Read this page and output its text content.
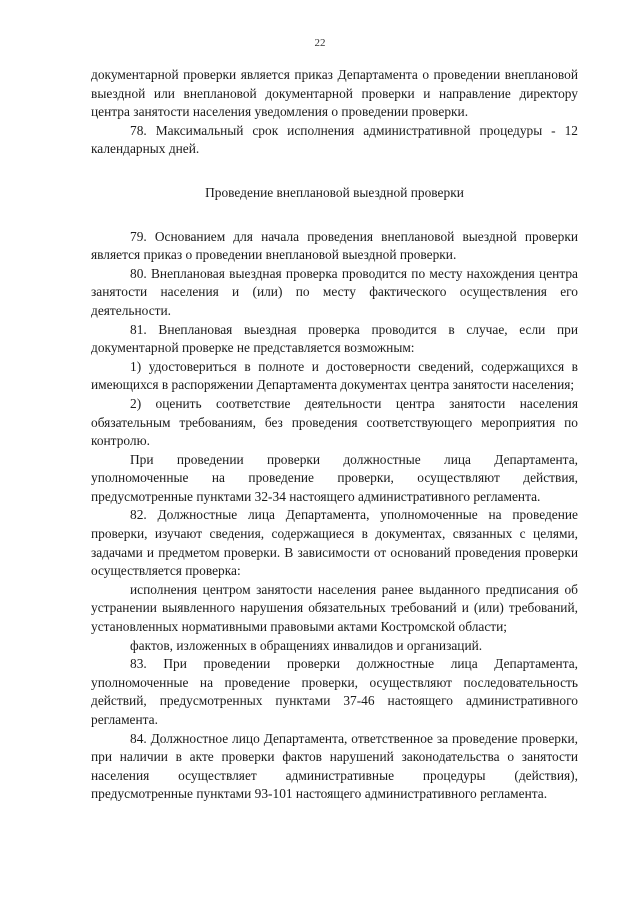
22

документарной проверки является приказ Департамента о проведении внеплановой выездной или внеплановой документарной проверки и направление директору центра занятости населения уведомления о проведении проверки.

78. Максимальный срок исполнения административной процедуры - 12 календарных дней.

Проведение внеплановой выездной проверки

79. Основанием для начала проведения внеплановой выездной проверки является приказ о проведении внеплановой выездной проверки.

80. Внеплановая выездная проверка проводится по месту нахождения центра занятости населения и (или) по месту фактического осуществления его деятельности.

81. Внеплановая выездная проверка проводится в случае, если при документарной проверке не представляется возможным:

1) удостовериться в полноте и достоверности сведений, содержащихся в имеющихся в распоряжении Департамента документах центра занятости населения;

2) оценить соответствие деятельности центра занятости населения обязательным требованиям, без проведения соответствующего мероприятия по контролю.

При проведении проверки должностные лица Департамента, уполномоченные на проведение проверки, осуществляют действия, предусмотренные пунктами 32-34 настоящего административного регламента.

82. Должностные лица Департамента, уполномоченные на проведение проверки, изучают сведения, содержащиеся в документах, связанных с целями, задачами и предметом проверки. В зависимости от оснований проведения проверки осуществляется проверка:

исполнения центром занятости населения ранее выданного предписания об устранении выявленного нарушения обязательных требований и (или) требований, установленных нормативными правовыми актами Костромской области;

фактов, изложенных в обращениях инвалидов и организаций.

83. При проведении проверки должностные лица Департамента, уполномоченные на проведение проверки, осуществляют последовательность действий, предусмотренных пунктами 37-46 настоящего административного регламента.

84. Должностное лицо Департамента, ответственное за проведение проверки, при наличии в акте проверки фактов нарушений законодательства о занятости населения осуществляет административные процедуры (действия), предусмотренные пунктами 93-101 настоящего административного регламента.
